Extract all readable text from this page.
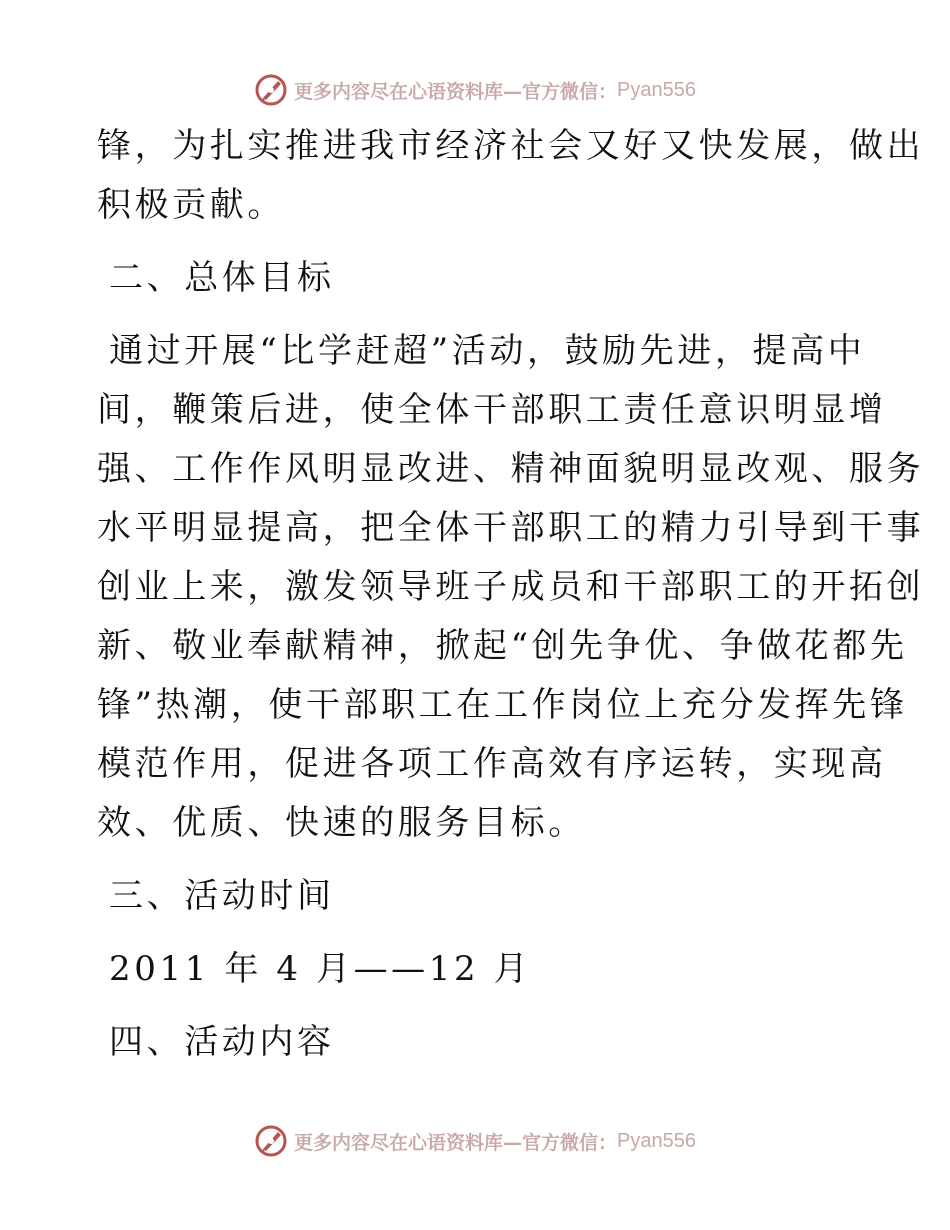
更多内容尽在心语资料库—官方微信： Pyan556
锋，为扎实推进我市经济社会又好又快发展，做出
积极贡献。
二、总体目标
通过开展“比学赶超”活动，鼓励先进，提高中
间，鞭策后进，使全体干部职工责任意识明显增
强、工作作风明显改进、精神面貌明显改观、服务
水平明显提高，把全体干部职工的精力引导到干事
创业上来，激发领导班子成员和干部职工的开拓创
新、敬业奉献精神，掀起“创先争优、争做花都先
锋”热潮，使干部职工在工作岗位上充分发挥先锋
模范作用，促进各项工作高效有序运转，实现高
效、优质、快速的服务目标。
三、活动时间
2011 年 4 月——12 月
四、活动内容
更多内容尽在心语资料库—官方微信： Pyan556
